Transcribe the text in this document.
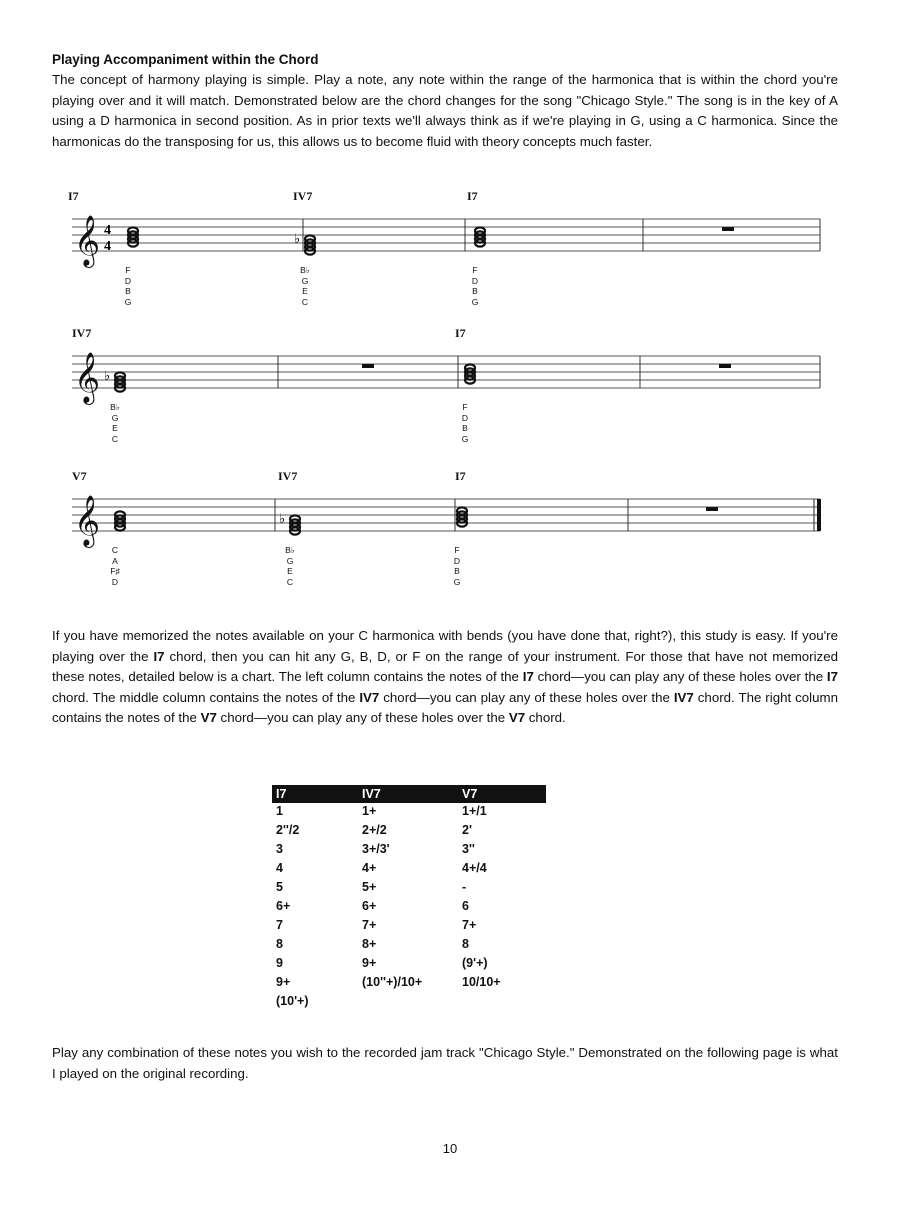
Playing Accompaniment within the Chord
The concept of harmony playing is simple. Play a note, any note within the range of the harmonica that is within the chord you're playing over and it will match. Demonstrated below are the chord changes for the song "Chicago Style." The song is in the key of A using a D harmonica in second position. As in prior texts we'll always think as if we're playing in G, using a C harmonica. Since the harmonicas do the transposing for us, this allows us to become fluid with theory concepts much faster.
𝄞 4
4	♭
𝄞 ♭
𝄞	♭
I7	IV7	I7
F
D
B
G
B♭
G
E
C
F
D
B
G
IV7	I7
B♭
G
E
C
F
D
B
G
V7	IV7	I7
C
A
F♯
D
B♭
G
E
C
F
D
B
G
If you have memorized the notes available on your C harmonica with bends (you have done that, right?), this study is easy. If you're playing over the I7 chord, then you can hit any G, B, D, or F on the range of your instrument. For those that have not memorized these notes, detailed below is a chart. The left column contains the notes of the I7 chord—you can play any of these holes over the I7 chord. The middle column contains the notes of the IV7 chord—you can play any of these holes over the IV7 chord. The right column contains the notes of the V7 chord—you can play any of these holes over the V7 chord.
I7	IV7	V7
1	1+	1+/1
2''/2	2+/2	2'
3	3+/3'	3''
4	4+	4+/4
5	5+	-
6+	6+	6
7	7+	7+
8	8+	8
9	9+	(9'+)
9+	(10''+)/10+	10/10+
(10'+)		
Play any combination of these notes you wish to the recorded jam track "Chicago Style." Demonstrated on the following page is what I played on the original recording.
10
